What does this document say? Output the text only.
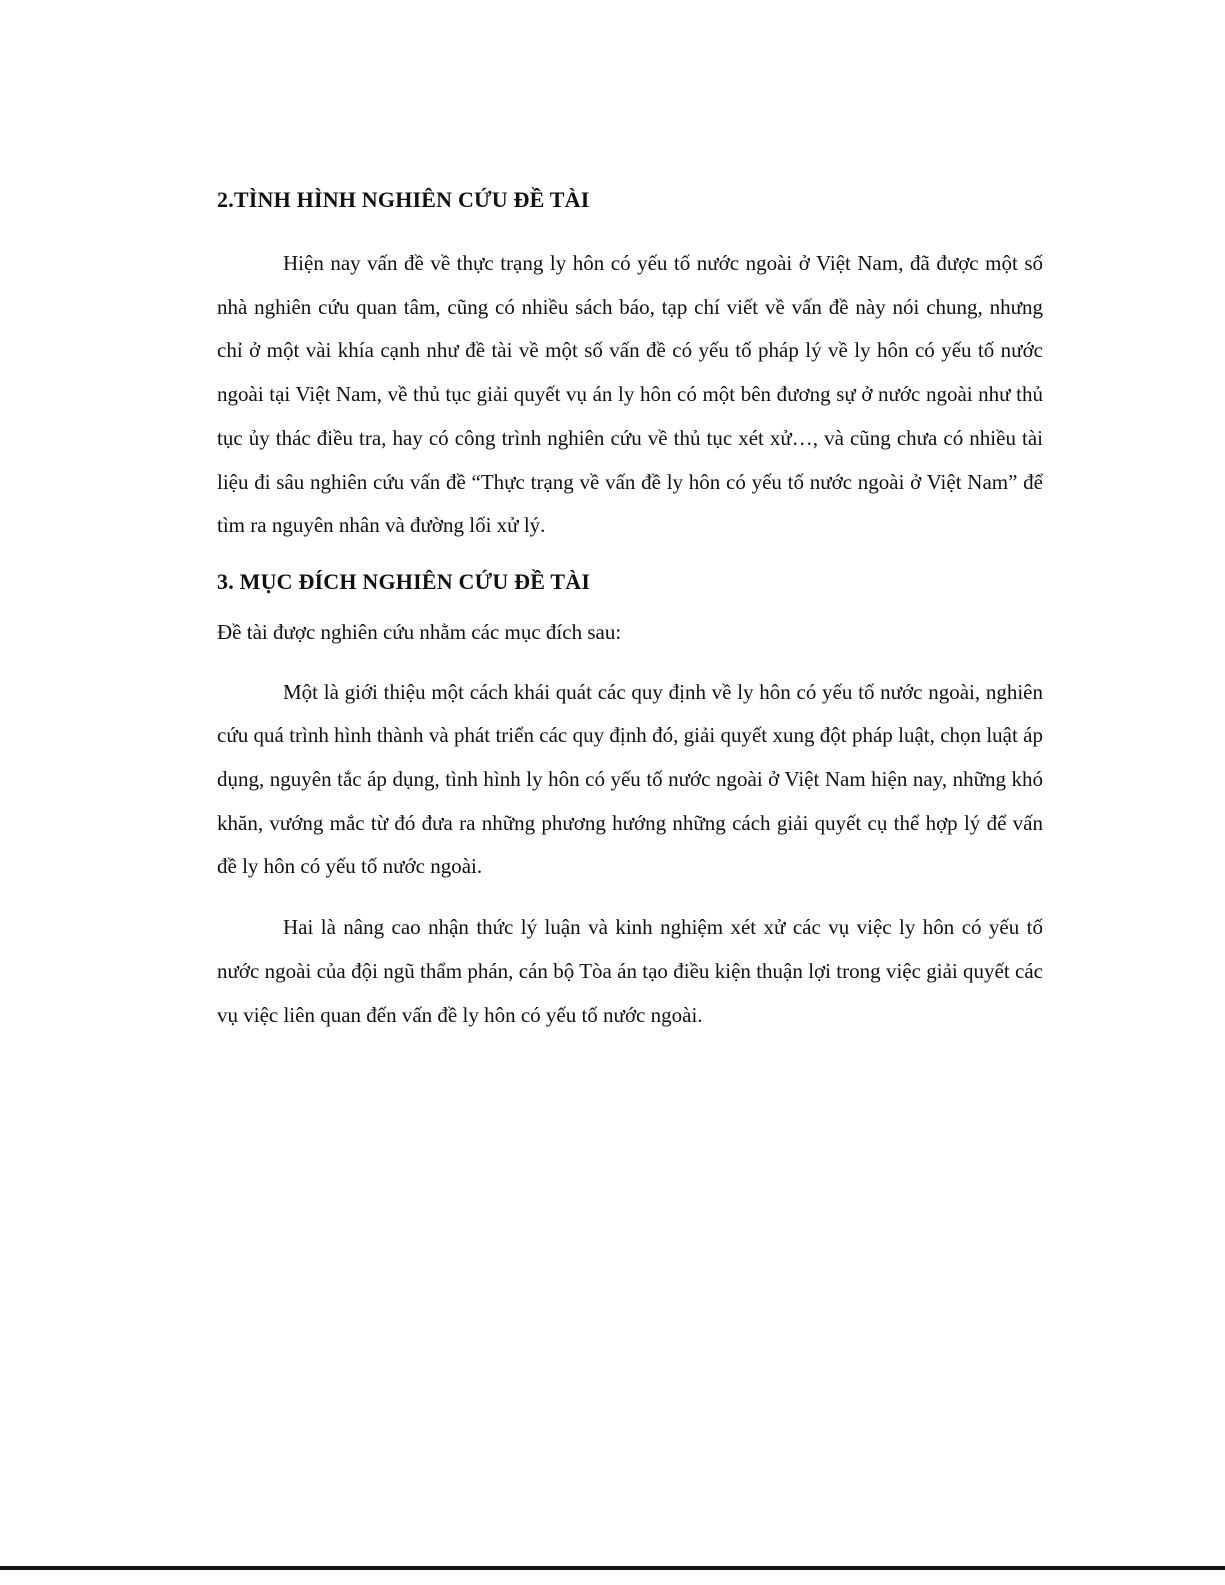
2.TÌNH HÌNH NGHIÊN CỨU ĐỀ TÀI

Hiện nay vấn đề về thực trạng ly hôn có yếu tố nước ngoài ở Việt Nam, đã được một số nhà nghiên cứu quan tâm, cũng có nhiều sách báo, tạp chí viết về vấn đề này nói chung, nhưng chỉ ở một vài khía cạnh như đề tài về một số vấn đề có yếu tố pháp lý về ly hôn có yếu tố nước ngoài tại Việt Nam, về thủ tục giải quyết vụ án ly hôn có một bên đương sự ở nước ngoài như thủ tục ủy thác điều tra, hay có công trình nghiên cứu về thủ tục xét xử…, và cũng chưa có nhiều tài liệu đi sâu nghiên cứu vấn đề “Thực trạng về vấn đề ly hôn có yếu tố nước ngoài ở Việt Nam” để tìm ra nguyên nhân và đường lối xử lý.

3. MỤC ĐÍCH NGHIÊN CỨU ĐỀ TÀI

Đề tài được nghiên cứu nhằm các mục đích sau:

Một là giới thiệu một cách khái quát các quy định về ly hôn có yếu tố nước ngoài, nghiên cứu quá trình hình thành và phát triển các quy định đó, giải quyết xung đột pháp luật, chọn luật áp dụng, nguyên tắc áp dụng, tình hình ly hôn có yếu tố nước ngoài ở Việt Nam hiện nay, những khó khăn, vướng mắc từ đó đưa ra những phương hướng những cách giải quyết cụ thể hợp lý để vấn đề ly hôn có yếu tố nước ngoài.

Hai là nâng cao nhận thức lý luận và kinh nghiệm xét xử các vụ việc ly hôn có yếu tố nước ngoài của đội ngũ thẩm phán, cán bộ Tòa án tạo điều kiện thuận lợi trong việc giải quyết các vụ việc liên quan đến vấn đề ly hôn có yếu tố nước ngoài.
